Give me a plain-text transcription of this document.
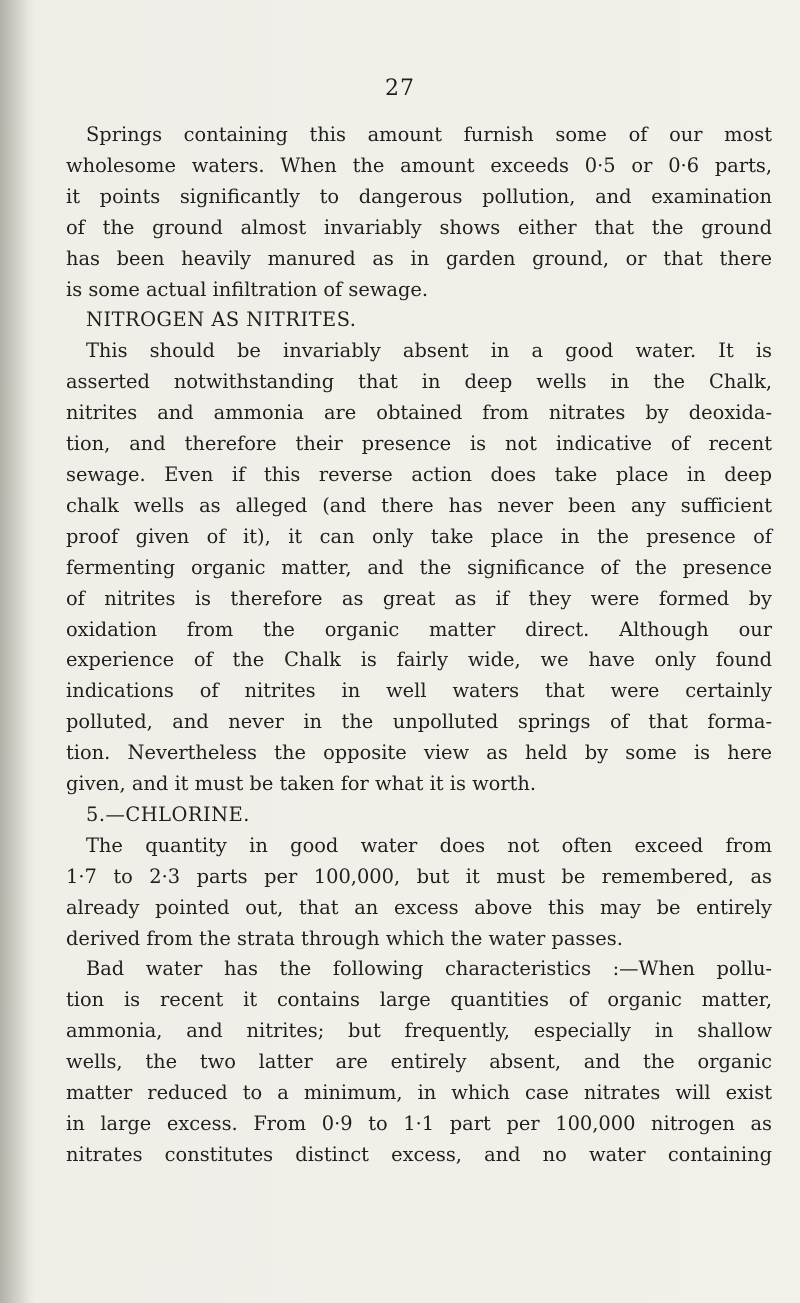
27
Springs containing this amount furnish some of our most
wholesome waters. When the amount exceeds 0·5 or 0·6 parts,
it points significantly to dangerous pollution, and examination
of the ground almost invariably shows either that the ground
has been heavily manured as in garden ground, or that there
is some actual infiltration of sewage.
NITROGEN AS NITRITES.
This should be invariably absent in a good water. It is
asserted notwithstanding that in deep wells in the Chalk,
nitrites and ammonia are obtained from nitrates by deoxida-
tion, and therefore their presence is not indicative of recent
sewage. Even if this reverse action does take place in deep
chalk wells as alleged (and there has never been any sufficient
proof given of it), it can only take place in the presence of
fermenting organic matter, and the significance of the presence
of nitrites is therefore as great as if they were formed by
oxidation from the organic matter direct. Although our
experience of the Chalk is fairly wide, we have only found
indications of nitrites in well waters that were certainly
polluted, and never in the unpolluted springs of that forma-
tion. Nevertheless the opposite view as held by some is here
given, and it must be taken for what it is worth.
5.—CHLORINE.
The quantity in good water does not often exceed from
1·7 to 2·3 parts per 100,000, but it must be remembered, as
already pointed out, that an excess above this may be entirely
derived from the strata through which the water passes.
Bad water has the following characteristics :—When pollu-
tion is recent it contains large quantities of organic matter,
ammonia, and nitrites; but frequently, especially in shallow
wells, the two latter are entirely absent, and the organic
matter reduced to a minimum, in which case nitrates will exist
in large excess. From 0·9 to 1·1 part per 100,000 nitrogen as
nitrates constitutes distinct excess, and no water containing
